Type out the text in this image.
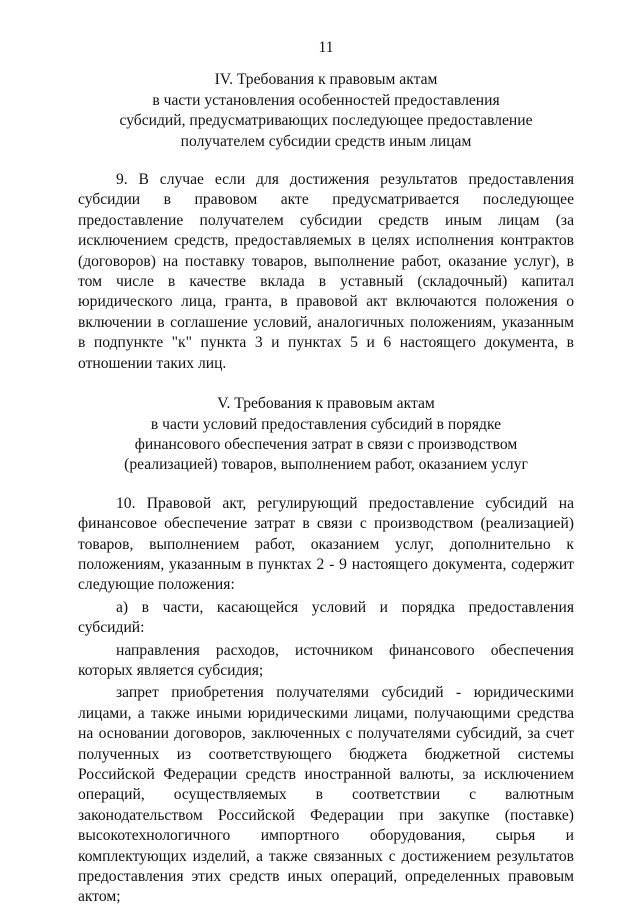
11
IV. Требования к правовым актам
в части установления особенностей предоставления
субсидий, предусматривающих последующее предоставление
получателем субсидии средств иным лицам

9. В случае если для достижения результатов предоставления субсидии в правовом акте предусматривается последующее предоставление получателем субсидии средств иным лицам (за исключением средств, предоставляемых в целях исполнения контрактов (договоров) на поставку товаров, выполнение работ, оказание услуг), в том числе в качестве вклада в уставный (складочный) капитал юридического лица, гранта, в правовой акт включаются положения о включении в соглашение условий, аналогичных положениям, указанным в подпункте "к" пункта 3 и пунктах 5 и 6 настоящего документа, в отношении таких лиц.

V. Требования к правовым актам
в части условий предоставления субсидий в порядке
финансового обеспечения затрат в связи с производством
(реализацией) товаров, выполнением работ, оказанием услуг

10. Правовой акт, регулирующий предоставление субсидий на финансовое обеспечение затрат в связи с производством (реализацией) товаров, выполнением работ, оказанием услуг, дополнительно к положениям, указанным в пунктах 2 - 9 настоящего документа, содержит следующие положения:

а) в части, касающейся условий и порядка предоставления субсидий:

направления расходов, источником финансового обеспечения которых является субсидия;

запрет приобретения получателями субсидий - юридическими лицами, а также иными юридическими лицами, получающими средства на основании договоров, заключенных с получателями субсидий, за счет полученных из соответствующего бюджета бюджетной системы Российской Федерации средств иностранной валюты, за исключением операций, осуществляемых в соответствии с валютным законодательством Российской Федерации при закупке (поставке) высокотехнологичного импортного оборудования, сырья и комплектующих изделий, а также связанных с достижением результатов предоставления этих средств иных операций, определенных правовым актом;
